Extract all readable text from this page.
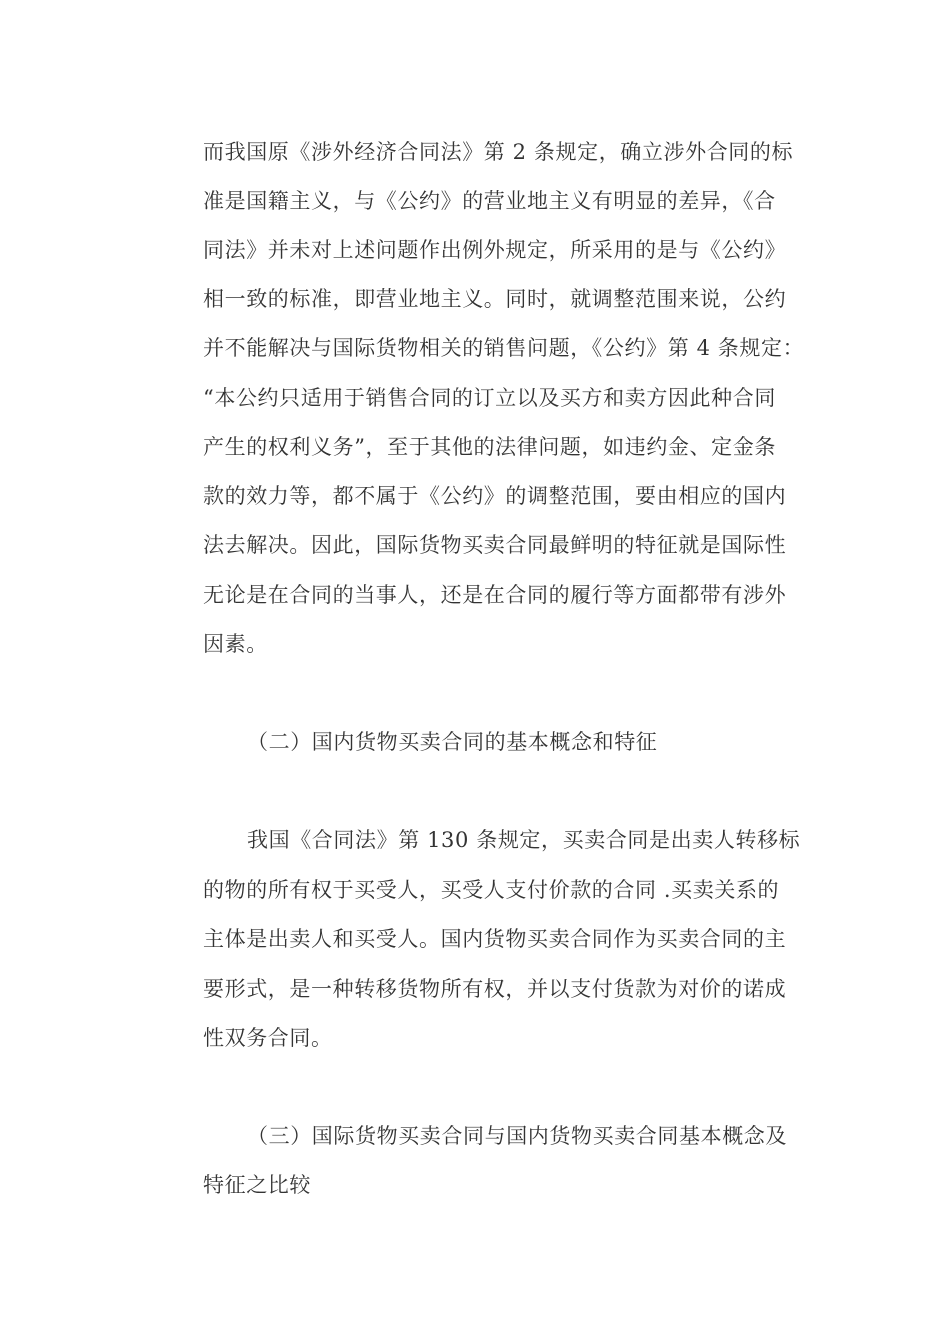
而我国原《涉外经济合同法》第 2 条规定，确立涉外合同的标
准是国籍主义，与《公约》的营业地主义有明显的差异，《合
同法》并未对上述问题作出例外规定，所采用的是与《公约》
相一致的标准，即营业地主义。同时，就调整范围来说，公约
并不能解决与国际货物相关的销售问题，《公约》第 4 条规定：
“本公约只适用于销售合同的订立以及买方和卖方因此种合同
产生的权利义务”，至于其他的法律问题，如违约金、定金条
款的效力等，都不属于《公约》的调整范围，要由相应的国内
法去解决。因此，国际货物买卖合同最鲜明的特征就是国际性
无论是在合同的当事人，还是在合同的履行等方面都带有涉外
因素。
（二）国内货物买卖合同的基本概念和特征
我国《合同法》第 130 条规定，买卖合同是出卖人转移标
的物的所有权于买受人，买受人支付价款的合同 .买卖关系的
主体是出卖人和买受人。国内货物买卖合同作为买卖合同的主
要形式，是一种转移货物所有权，并以支付货款为对价的诺成
性双务合同。
（三）国际货物买卖合同与国内货物买卖合同基本概念及
特征之比较
